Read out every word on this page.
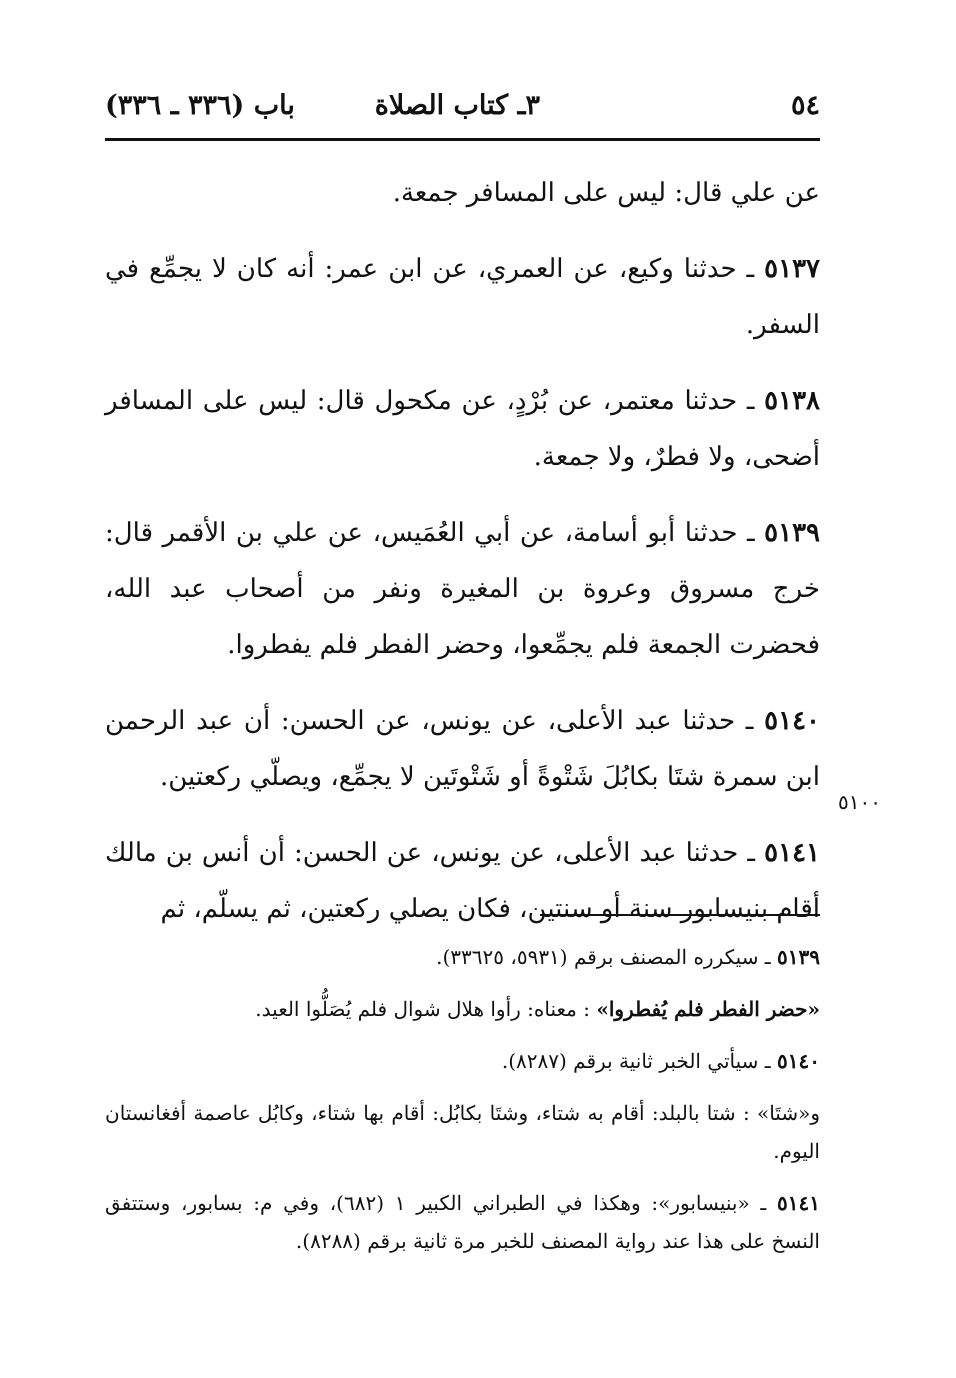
٥٤
٣ـ كتاب الصلاة
باب (٣٣٦ ـ ٣٣٦)

عن علي قال: ليس على المسافر جمعة.

٥١٣٧ ـ حدثنا وكيع، عن العمري، عن ابن عمر: أنه كان لا يجمِّع في السفر.

٥١٣٨ ـ حدثنا معتمر، عن بُرْدٍ، عن مكحول قال: ليس على المسافر أضحى، ولا فطرٌ، ولا جمعة.

٥١٣٩ ـ حدثنا أبو أسامة، عن أبي العُمَيس، عن علي بن الأقمر قال: خرج مسروق وعروة بن المغيرة ونفر من أصحاب عبد الله، فحضرت الجمعة فلم يجمِّعوا، وحضر الفطر فلم يفطروا.

٥١٤٠ ـ حدثنا عبد الأعلى، عن يونس، عن الحسن: أن عبد الرحمن ابن سمرة شتَا بكابُلَ شَتْوةً أو شَتْوتَين لا يجمِّع، ويصلّي ركعتين.

٥١٤١ ـ حدثنا عبد الأعلى، عن يونس، عن الحسن: أن أنس بن مالك أقام بنيسابور سنة أو سنتين، فكان يصلي ركعتين، ثم يسلّم، ثم

٥١٠٠

٥١٣٩ ـ سيكرره المصنف برقم (٥٩٣١، ٣٣٦٢٥).

«حضر الفطر فلم يُفطروا» : معناه: رأوا هلال شوال فلم يُصَلُّوا العيد.

٥١٤٠ ـ سيأتي الخبر ثانية برقم (٨٢٨٧).

و«شتَا» : شتا بالبلد: أقام به شتاء، وشتَا بكابُل: أقام بها شتاء، وكابُل عاصمة أفغانستان اليوم.

٥١٤١ ـ «بنيسابور»: وهكذا في الطبراني الكبير ١ (٦٨٢)، وفي م: بسابور، وستتفق النسخ على هذا عند رواية المصنف للخبر مرة ثانية برقم (٨٢٨٨).
